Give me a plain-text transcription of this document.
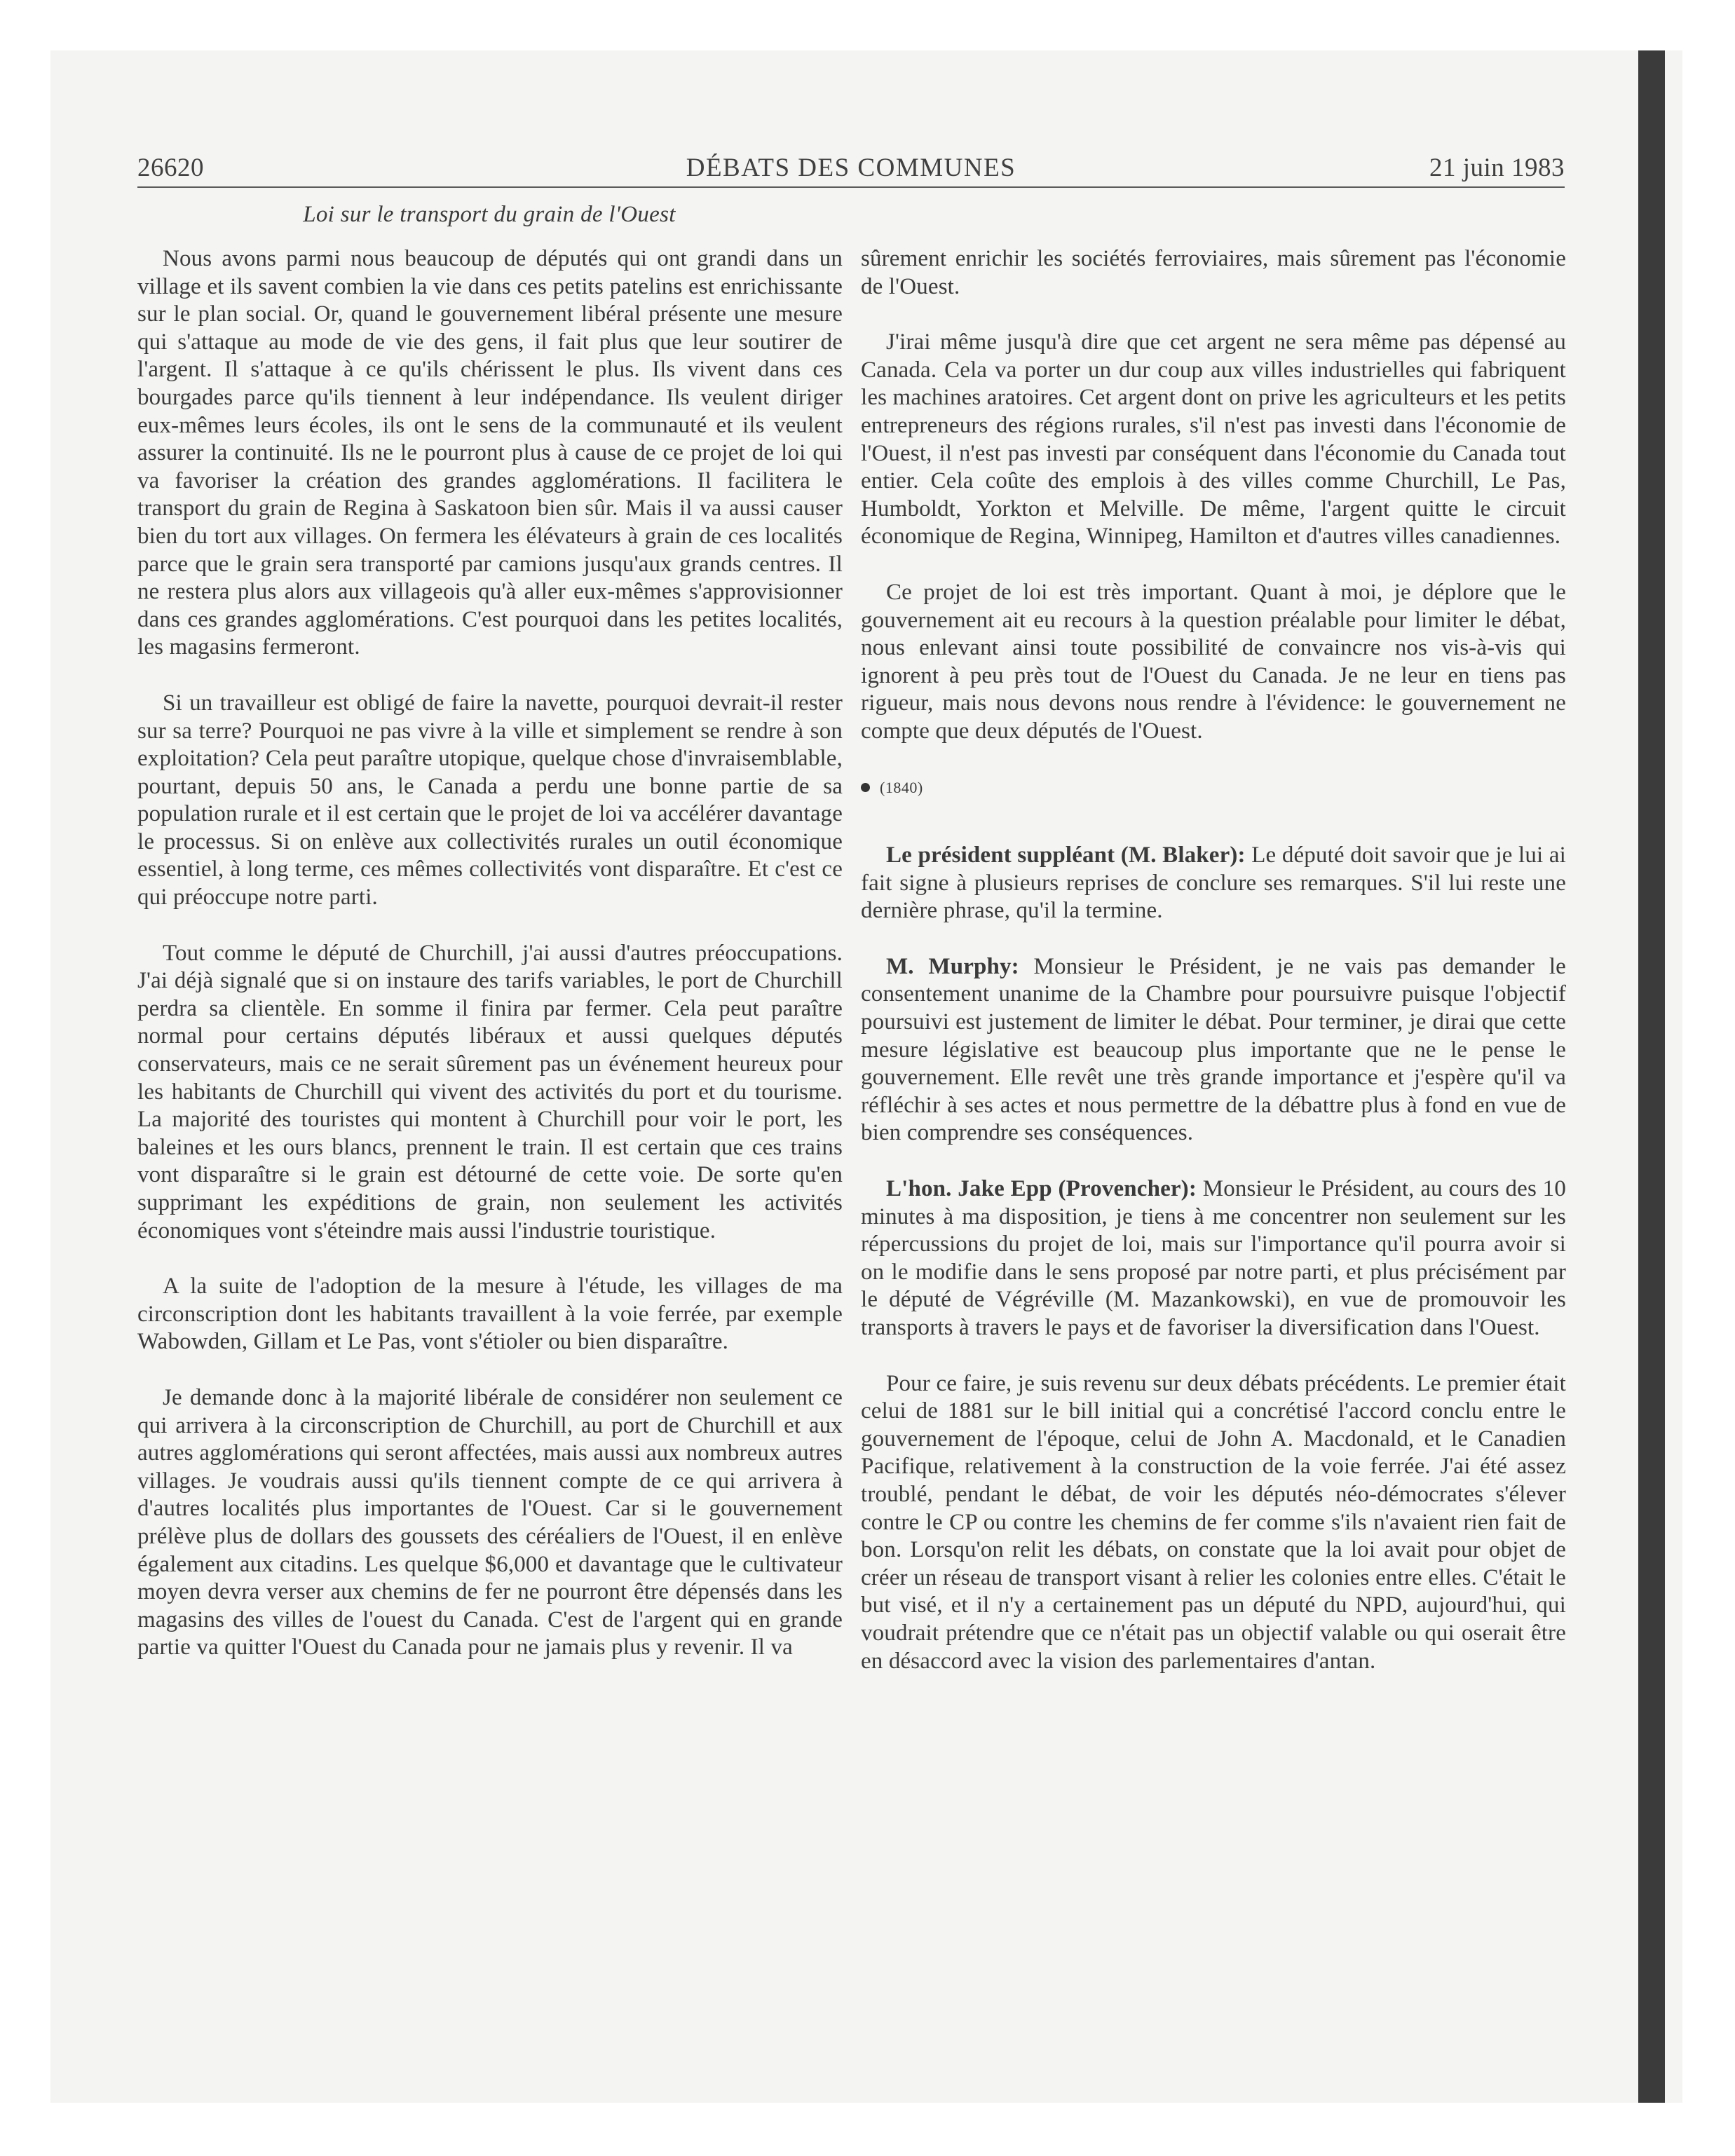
26620	DÉBATS DES COMMUNES	21 juin 1983
Loi sur le transport du grain de l'Ouest

Nous avons parmi nous beaucoup de députés qui ont grandi dans un village et ils savent combien la vie dans ces petits patelins est enrichissante sur le plan social. Or, quand le gouvernement libéral présente une mesure qui s'attaque au mode de vie des gens, il fait plus que leur soutirer de l'argent. Il s'attaque à ce qu'ils chérissent le plus. Ils vivent dans ces bourgades parce qu'ils tiennent à leur indépendance. Ils veulent diriger eux-mêmes leurs écoles, ils ont le sens de la communauté et ils veulent assurer la continuité. Ils ne le pourront plus à cause de ce projet de loi qui va favoriser la création des grandes agglomérations. Il facilitera le transport du grain de Regina à Saskatoon bien sûr. Mais il va aussi causer bien du tort aux villages. On fermera les élévateurs à grain de ces localités parce que le grain sera transporté par camions jusqu'aux grands centres. Il ne restera plus alors aux villageois qu'à aller eux-mêmes s'approvisionner dans ces grandes agglomérations. C'est pourquoi dans les petites localités, les magasins fermeront.

Si un travailleur est obligé de faire la navette, pourquoi devrait-il rester sur sa terre? Pourquoi ne pas vivre à la ville et simplement se rendre à son exploitation? Cela peut paraître utopique, quelque chose d'invraisemblable, pourtant, depuis 50 ans, le Canada a perdu une bonne partie de sa population rurale et il est certain que le projet de loi va accélérer davantage le processus. Si on enlève aux collectivités rurales un outil économique essentiel, à long terme, ces mêmes collectivités vont disparaître. Et c'est ce qui préoccupe notre parti.

Tout comme le député de Churchill, j'ai aussi d'autres préoccupations. J'ai déjà signalé que si on instaure des tarifs variables, le port de Churchill perdra sa clientèle. En somme il finira par fermer. Cela peut paraître normal pour certains députés libéraux et aussi quelques députés conservateurs, mais ce ne serait sûrement pas un événement heureux pour les habitants de Churchill qui vivent des activités du port et du tourisme. La majorité des touristes qui montent à Churchill pour voir le port, les baleines et les ours blancs, prennent le train. Il est certain que ces trains vont disparaître si le grain est détourné de cette voie. De sorte qu'en supprimant les expéditions de grain, non seulement les activités économiques vont s'éteindre mais aussi l'industrie touristique.

A la suite de l'adoption de la mesure à l'étude, les villages de ma circonscription dont les habitants travaillent à la voie ferrée, par exemple Wabowden, Gillam et Le Pas, vont s'étioler ou bien disparaître.

Je demande donc à la majorité libérale de considérer non seulement ce qui arrivera à la circonscription de Churchill, au port de Churchill et aux autres agglomérations qui seront affectées, mais aussi aux nombreux autres villages. Je voudrais aussi qu'ils tiennent compte de ce qui arrivera à d'autres localités plus importantes de l'Ouest. Car si le gouvernement prélève plus de dollars des goussets des céréaliers de l'Ouest, il en enlève également aux citadins. Les quelque $6,000 et davantage que le cultivateur moyen devra verser aux chemins de fer ne pourront être dépensés dans les magasins des villes de l'ouest du Canada. C'est de l'argent qui en grande partie va quitter l'Ouest du Canada pour ne jamais plus y revenir. Il va

sûrement enrichir les sociétés ferroviaires, mais sûrement pas l'économie de l'Ouest.

J'irai même jusqu'à dire que cet argent ne sera même pas dépensé au Canada. Cela va porter un dur coup aux villes industrielles qui fabriquent les machines aratoires. Cet argent dont on prive les agriculteurs et les petits entrepreneurs des régions rurales, s'il n'est pas investi dans l'économie de l'Ouest, il n'est pas investi par conséquent dans l'économie du Canada tout entier. Cela coûte des emplois à des villes comme Churchill, Le Pas, Humboldt, Yorkton et Melville. De même, l'argent quitte le circuit économique de Regina, Winnipeg, Hamilton et d'autres villes canadiennes.

Ce projet de loi est très important. Quant à moi, je déplore que le gouvernement ait eu recours à la question préalable pour limiter le débat, nous enlevant ainsi toute possibilité de convaincre nos vis-à-vis qui ignorent à peu près tout de l'Ouest du Canada. Je ne leur en tiens pas rigueur, mais nous devons nous rendre à l'évidence: le gouvernement ne compte que deux députés de l'Ouest.

(1840)

Le président suppléant (M. Blaker): Le député doit savoir que je lui ai fait signe à plusieurs reprises de conclure ses remarques. S'il lui reste une dernière phrase, qu'il la termine.

M. Murphy: Monsieur le Président, je ne vais pas demander le consentement unanime de la Chambre pour poursuivre puisque l'objectif poursuivi est justement de limiter le débat. Pour terminer, je dirai que cette mesure législative est beaucoup plus importante que ne le pense le gouvernement. Elle revêt une très grande importance et j'espère qu'il va réfléchir à ses actes et nous permettre de la débattre plus à fond en vue de bien comprendre ses conséquences.

L'hon. Jake Epp (Provencher): Monsieur le Président, au cours des 10 minutes à ma disposition, je tiens à me concentrer non seulement sur les répercussions du projet de loi, mais sur l'importance qu'il pourra avoir si on le modifie dans le sens proposé par notre parti, et plus précisément par le député de Végréville (M. Mazankowski), en vue de promouvoir les transports à travers le pays et de favoriser la diversification dans l'Ouest.

Pour ce faire, je suis revenu sur deux débats précédents. Le premier était celui de 1881 sur le bill initial qui a concrétisé l'accord conclu entre le gouvernement de l'époque, celui de John A. Macdonald, et le Canadien Pacifique, relativement à la construction de la voie ferrée. J'ai été assez troublé, pendant le débat, de voir les députés néo-démocrates s'élever contre le CP ou contre les chemins de fer comme s'ils n'avaient rien fait de bon. Lorsqu'on relit les débats, on constate que la loi avait pour objet de créer un réseau de transport visant à relier les colonies entre elles. C'était le but visé, et il n'y a certainement pas un député du NPD, aujourd'hui, qui voudrait prétendre que ce n'était pas un objectif valable ou qui oserait être en désaccord avec la vision des parlementaires d'antan.
